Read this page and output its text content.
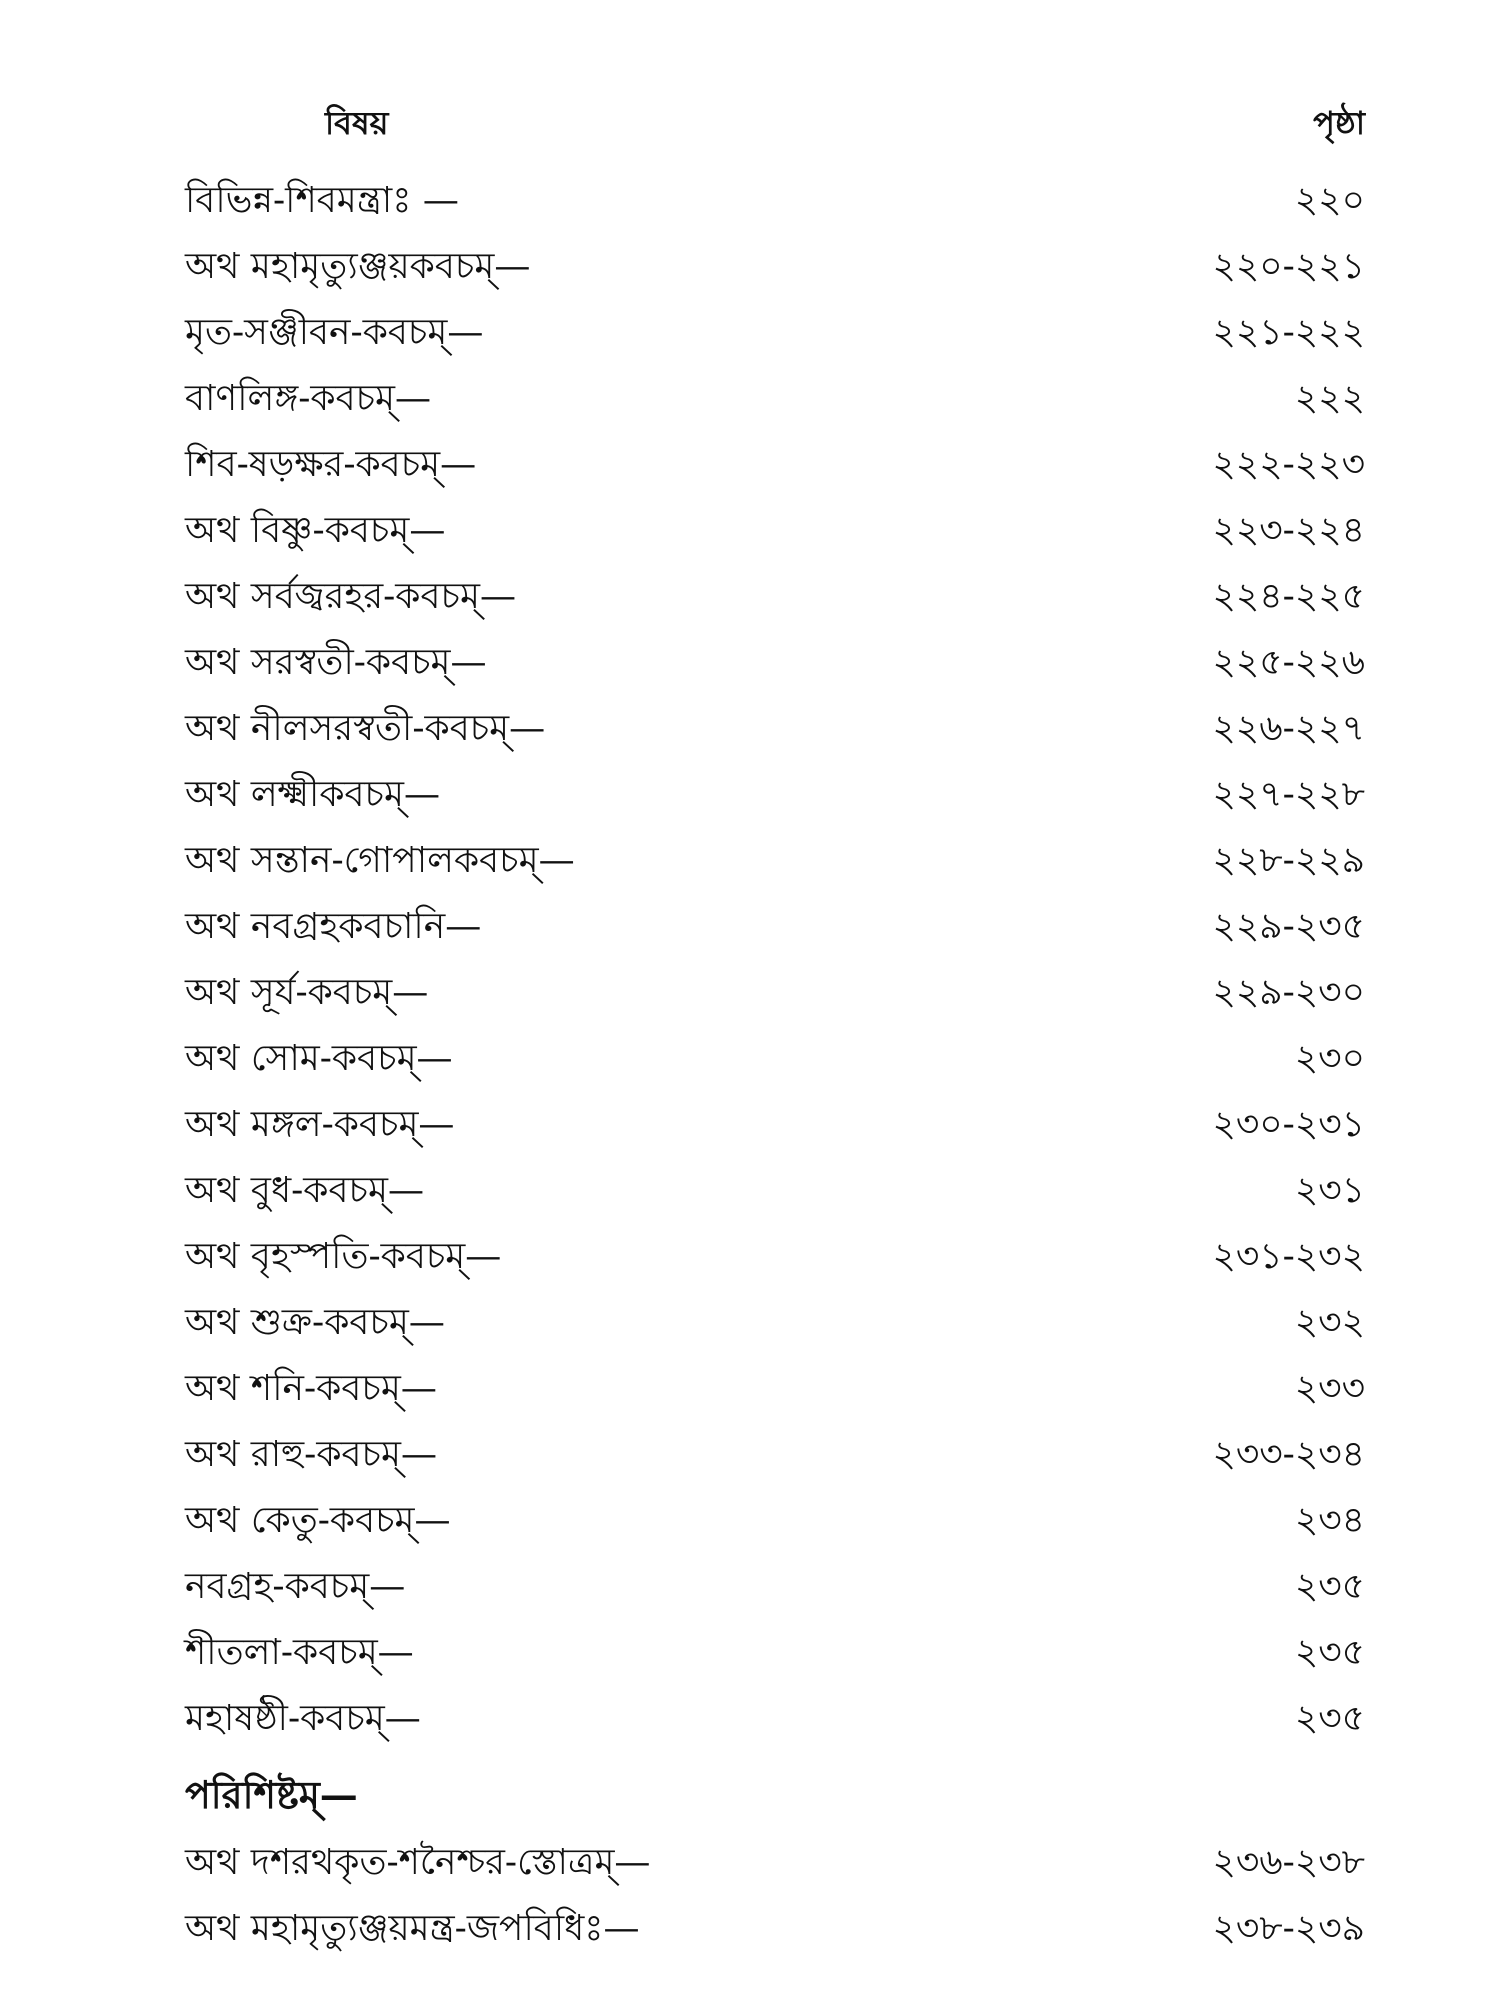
বিষয়	পৃষ্ঠা
বিভিন্ন-শিবমন্ত্রাঃ —	২২০
অথ মহামৃত্যুঞ্জয়কবচম্—	২২০-২২১
মৃত-সঞ্জীবন-কবচম্—	২২১-২২২
বাণলিঙ্গ-কবচম্—	২২২
শিব-ষড়ক্ষর-কবচম্—	২২২-২২৩
অথ বিষ্ণু-কবচম্—	২২৩-২২৪
অথ সর্বজ্বরহর-কবচম্—	২২৪-২২৫
অথ সরস্বতী-কবচম্—	২২৫-২২৬
অথ নীলসরস্বতী-কবচম্—	২২৬-২২৭
অথ লক্ষ্মীকবচম্—	২২৭-২২৮
অথ সন্তান-গোপালকবচম্—	২২৮-২২৯
অথ নবগ্রহকবচানি—	২২৯-২৩৫
অথ সূর্য-কবচম্—	২২৯-২৩০
অথ সোম-কবচম্—	২৩০
অথ মঙ্গল-কবচম্—	২৩০-২৩১
অথ বুধ-কবচম্—	২৩১
অথ বৃহস্পতি-কবচম্—	২৩১-২৩২
অথ শুক্র-কবচম্—	২৩২
অথ শনি-কবচম্—	২৩৩
অথ রাহু-কবচম্—	২৩৩-২৩৪
অথ কেতু-কবচম্—	২৩৪
নবগ্রহ-কবচম্—	২৩৫
শীতলা-কবচম্—	২৩৫
মহাষষ্ঠী-কবচম্—	২৩৫
পরিশিষ্টম্—
অথ দশরথকৃত-শনৈশ্চর-স্তোত্রম্—	২৩৬-২৩৮
অথ মহামৃত্যুঞ্জয়মন্ত্র-জপবিধিঃ—	২৩৮-২৩৯
